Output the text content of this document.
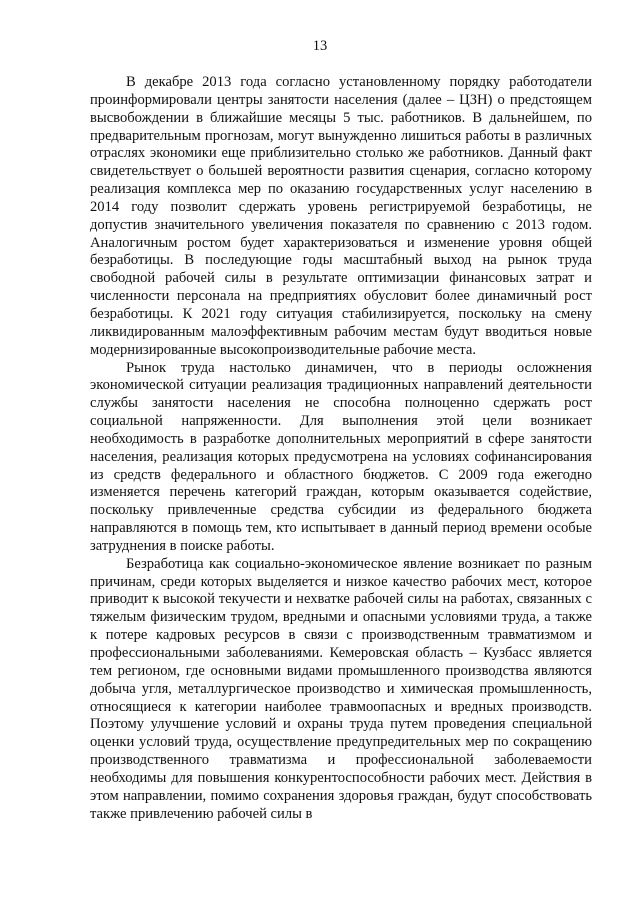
13

В декабре 2013 года согласно установленному порядку работодатели проинформировали центры занятости населения (далее – ЦЗН) о предстоящем высвобождении в ближайшие месяцы 5 тыс. работников. В дальнейшем, по предварительным прогнозам, могут вынужденно лишиться работы в различных отраслях экономики еще приблизительно столько же работников. Данный факт свидетельствует о большей вероятности развития сценария, согласно которому реализация комплекса мер по оказанию государственных услуг населению в 2014 году позволит сдержать уровень регистрируемой безработицы, не допустив значительного увеличения показателя по сравнению с 2013 годом. Аналогичным ростом будет характеризоваться и изменение уровня общей безработицы. В последующие годы масштабный выход на рынок труда свободной рабочей силы в результате оптимизации финансовых затрат и численности персонала на предприятиях обусловит более динамичный рост безработицы. К 2021 году ситуация стабилизируется, поскольку на смену ликвидированным малоэффективным рабочим местам будут вводиться новые модернизированные высокопроизводительные рабочие места.

Рынок труда настолько динамичен, что в периоды осложнения экономической ситуации реализация традиционных направлений деятельности службы занятости населения не способна полноценно сдержать рост социальной напряженности. Для выполнения этой цели возникает необходимость в разработке дополнительных мероприятий в сфере занятости населения, реализация которых предусмотрена на условиях софинансирования из средств федерального и областного бюджетов. С 2009 года ежегодно изменяется перечень категорий граждан, которым оказывается содействие, поскольку привлеченные средства субсидии из федерального бюджета направляются в помощь тем, кто испытывает в данный период времени особые затруднения в поиске работы.

Безработица как социально-экономическое явление возникает по разным причинам, среди которых выделяется и низкое качество рабочих мест, которое приводит к высокой текучести и нехватке рабочей силы на работах, связанных с тяжелым физическим трудом, вредными и опасными условиями труда, а также к потере кадровых ресурсов в связи с производственным травматизмом и профессиональными заболеваниями. Кемеровская область – Кузбасс является тем регионом, где основными видами промышленного производства являются добыча угля, металлургическое производство и химическая промышленность, относящиеся к категории наиболее травмоопасных и вредных производств. Поэтому улучшение условий и охраны труда путем проведения специальной оценки условий труда, осуществление предупредительных мер по сокращению производственного травматизма и профессиональной заболеваемости необходимы для повышения конкурентоспособности рабочих мест. Действия в этом направлении, помимо сохранения здоровья граждан, будут способствовать также привлечению рабочей силы в
